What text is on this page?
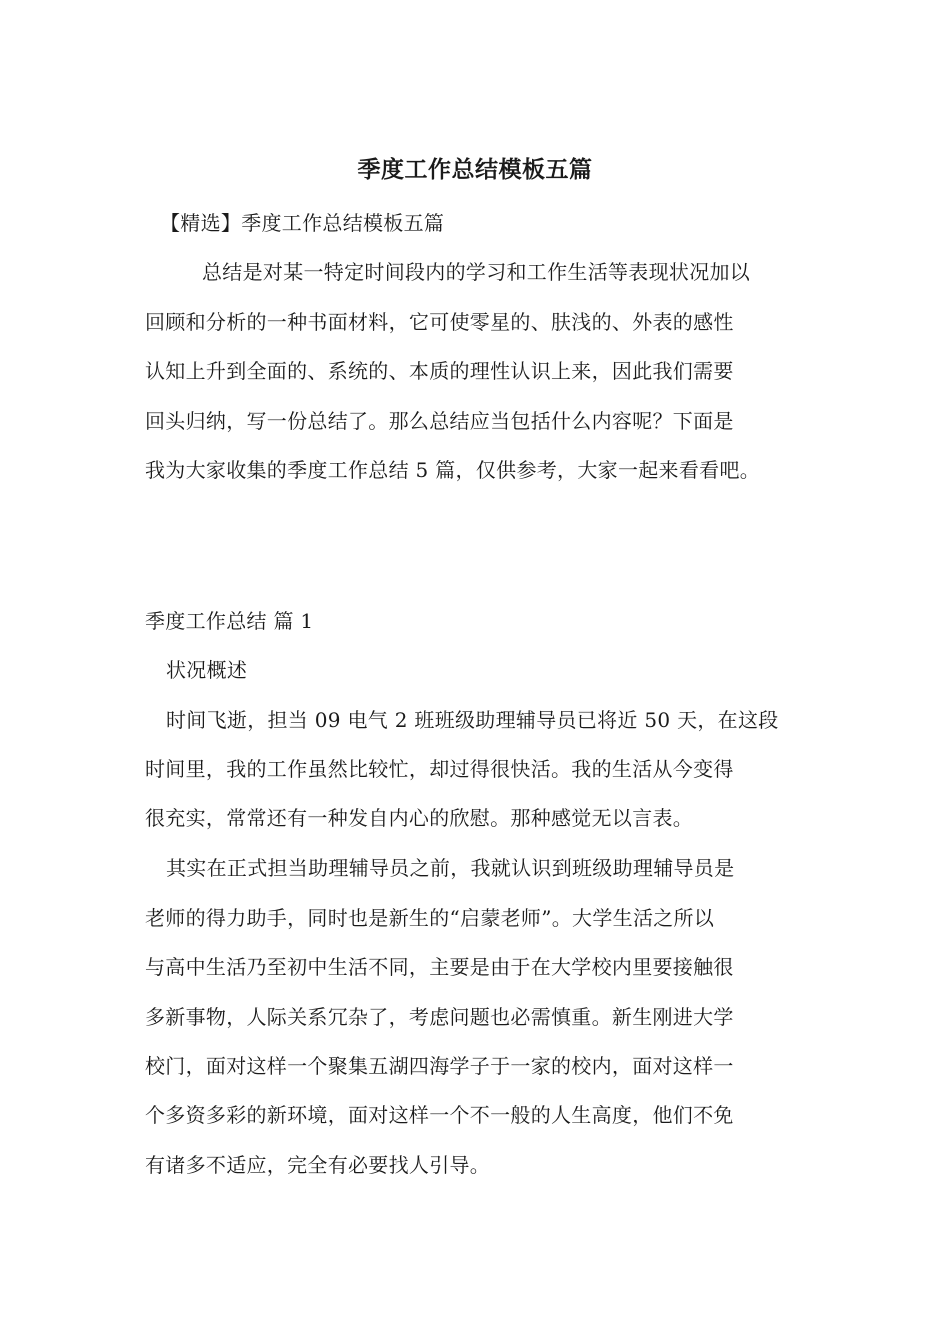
季度工作总结模板五篇
【精选】季度工作总结模板五篇
总结是对某一特定时间段内的学习和工作生活等表现状况加以
回顾和分析的一种书面材料，它可使零星的、肤浅的、外表的感性
认知上升到全面的、系统的、本质的理性认识上来，因此我们需要
回头归纳，写一份总结了。那么总结应当包括什么内容呢？下面是
我为大家收集的季度工作总结 5 篇，仅供参考，大家一起来看看吧。
季度工作总结 篇 1
状况概述
时间飞逝，担当 09 电气 2 班班级助理辅导员已将近 50 天，在这段
时间里，我的工作虽然比较忙，却过得很快活。我的生活从今变得
很充实，常常还有一种发自内心的欣慰。那种感觉无以言表。
其实在正式担当助理辅导员之前，我就认识到班级助理辅导员是
老师的得力助手，同时也是新生的“启蒙老师”。大学生活之所以
与高中生活乃至初中生活不同，主要是由于在大学校内里要接触很
多新事物，人际关系冗杂了，考虑问题也必需慎重。新生刚进大学
校门，面对这样一个聚集五湖四海学子于一家的校内，面对这样一
个多资多彩的新环境，面对这样一个不一般的人生高度，他们不免
有诸多不适应，完全有必要找人引导。
